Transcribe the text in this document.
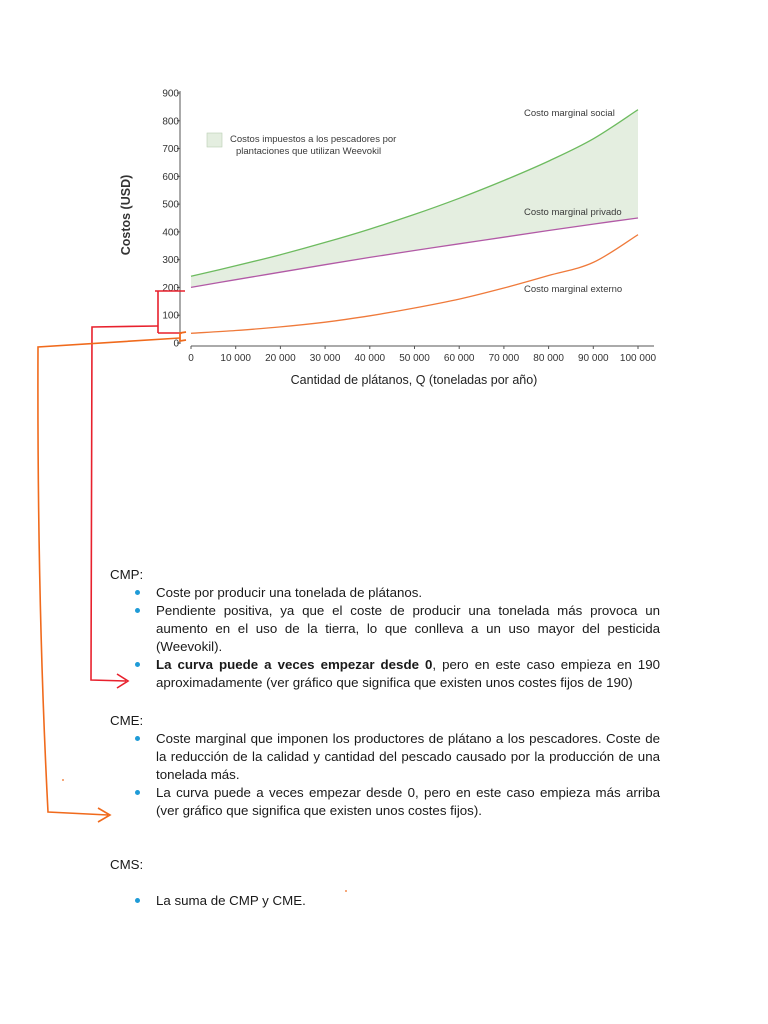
0
100
200
300
400
500
600
700
800
900
0	10 000 20 000 30 000 40 000 50 000 60 000 70 000 80 000 90 000 100 000
Costos impuestos a los pescadores por
plantaciones que utilizan Weevokil
Costo marginal social
Costo marginal privado
Costo marginal externo
Costos (USD)
Cantidad de plátanos, Q (toneladas por año)

CMP:

Coste por producir una tonelada de plátanos.
Pendiente positiva, ya que el coste de producir una tonelada más provoca un aumento en el uso de la tierra, lo que conlleva a un uso mayor del pesticida (Weevokil).
La curva puede a veces empezar desde 0, pero en este caso empieza en 190 aproximadamente (ver gráfico que significa que existen unos costes fijos de 190)

CME:

Coste marginal que imponen los productores de plátano a los pescadores. Coste de la reducción de la calidad y cantidad del pescado causado por la producción de una tonelada más.
La curva puede a veces empezar desde 0, pero en este caso empieza más arriba (ver gráfico que significa que existen unos costes fijos).

CMS:

La suma de CMP y CME.
